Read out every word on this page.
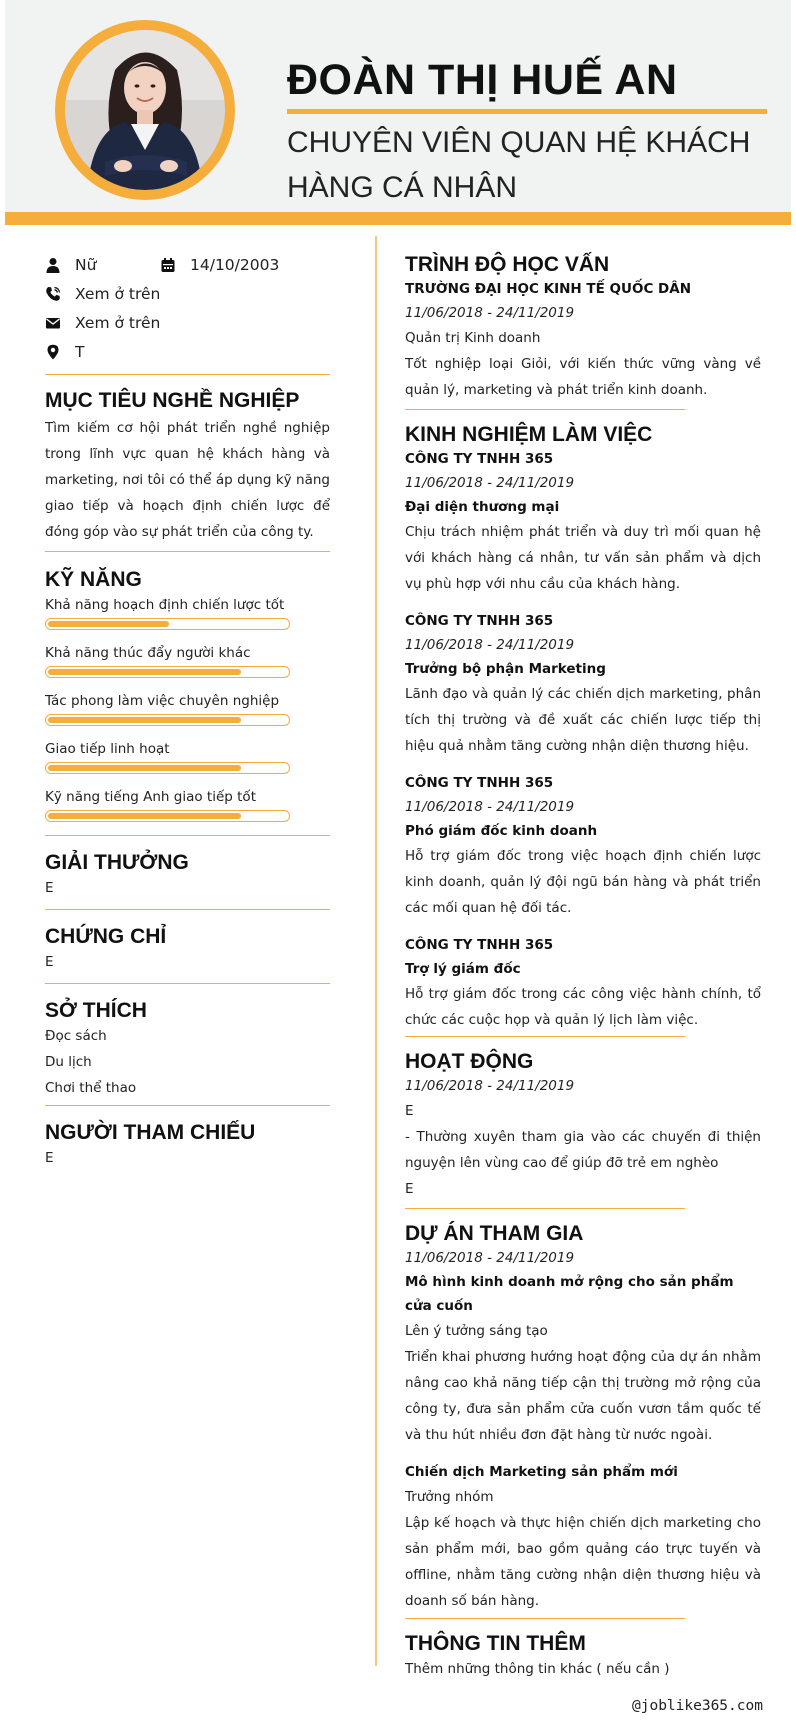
ĐOÀN THỊ HUẾ AN
CHUYÊN VIÊN QUAN HỆ KHÁCH HÀNG CÁ NHÂN
Nữ	14/10/2003
Xem ở trên
Xem ở trên
T
MỤC TIÊU NGHỀ NGHIỆP
Tìm kiếm cơ hội phát triển nghề nghiệp trong lĩnh vực quan hệ khách hàng và marketing, nơi tôi có thể áp dụng kỹ năng giao tiếp và hoạch định chiến lược để đóng góp vào sự phát triển của công ty.
KỸ NĂNG
Khả năng hoạch định chiến lược tốt
Khả năng thúc đẩy người khác
Tác phong làm việc chuyên nghiệp
Giao tiếp linh hoạt
Kỹ năng tiếng Anh giao tiếp tốt
GIẢI THƯỞNG
E
CHỨNG CHỈ
E
SỞ THÍCH
Đọc sách
Du lịch
Chơi thể thao
NGƯỜI THAM CHIẾU
E
TRÌNH ĐỘ HỌC VẤN
TRƯỜNG ĐẠI HỌC KINH TẾ QUỐC DÂN
11/06/2018 - 24/11/2019
Quản trị Kinh doanh
Tốt nghiệp loại Giỏi, với kiến thức vững vàng về quản lý, marketing và phát triển kinh doanh.
KINH NGHIỆM LÀM VIỆC
CÔNG TY TNHH 365
11/06/2018 - 24/11/2019
Đại diện thương mại
Chịu trách nhiệm phát triển và duy trì mối quan hệ với khách hàng cá nhân, tư vấn sản phẩm và dịch vụ phù hợp với nhu cầu của khách hàng.
CÔNG TY TNHH 365
11/06/2018 - 24/11/2019
Trưởng bộ phận Marketing
Lãnh đạo và quản lý các chiến dịch marketing, phân tích thị trường và đề xuất các chiến lược tiếp thị hiệu quả nhằm tăng cường nhận diện thương hiệu.
CÔNG TY TNHH 365
11/06/2018 - 24/11/2019
Phó giám đốc kinh doanh
Hỗ trợ giám đốc trong việc hoạch định chiến lược kinh doanh, quản lý đội ngũ bán hàng và phát triển các mối quan hệ đối tác.
CÔNG TY TNHH 365
Trợ lý giám đốc
Hỗ trợ giám đốc trong các công việc hành chính, tổ chức các cuộc họp và quản lý lịch làm việc.
HOẠT ĐỘNG
11/06/2018 - 24/11/2019
E
- Thường xuyên tham gia vào các chuyến đi thiện nguyện lên vùng cao để giúp đỡ trẻ em nghèo
E
DỰ ÁN THAM GIA
11/06/2018 - 24/11/2019
Mô hình kinh doanh mở rộng cho sản phẩm cửa cuốn
Lên ý tưởng sáng tạo
Triển khai phương hướng hoạt động của dự án nhằm nâng cao khả năng tiếp cận thị trường mở rộng của công ty, đưa sản phẩm cửa cuốn vươn tầm quốc tế và thu hút nhiều đơn đặt hàng từ nước ngoài.
Chiến dịch Marketing sản phẩm mới
Trưởng nhóm
Lập kế hoạch và thực hiện chiến dịch marketing cho sản phẩm mới, bao gồm quảng cáo trực tuyến và offline, nhằm tăng cường nhận diện thương hiệu và doanh số bán hàng.
THÔNG TIN THÊM
Thêm những thông tin khác ( nếu cần )
@joblike365.com
